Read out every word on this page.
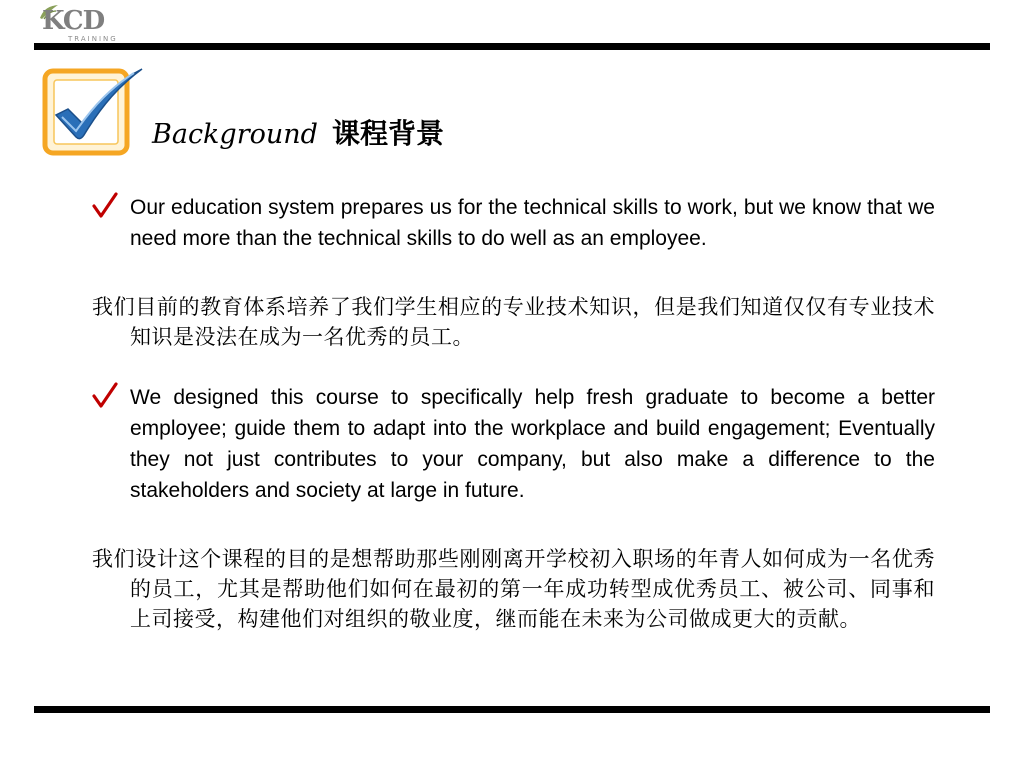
KCD
TRAINING
Background 课程背景
Our education system prepares us for the technical skills to work, but we know that we need more than the technical skills to do well as an employee.
我们目前的教育体系培养了我们学生相应的专业技术知识，但是我们知道仅仅有专业技术知识是没法在成为一名优秀的员工。
We designed this course to specifically help fresh graduate to become a better employee; guide them to adapt into the workplace and build engagement; Eventually they not just contributes to your company, but also make a difference to the stakeholders and society at large in future.
我们设计这个课程的目的是想帮助那些刚刚离开学校初入职场的年青人如何成为一名优秀的员工，尤其是帮助他们如何在最初的第一年成功转型成优秀员工、被公司、同事和上司接受，构建他们对组织的敬业度，继而能在未来为公司做成更大的贡献。
